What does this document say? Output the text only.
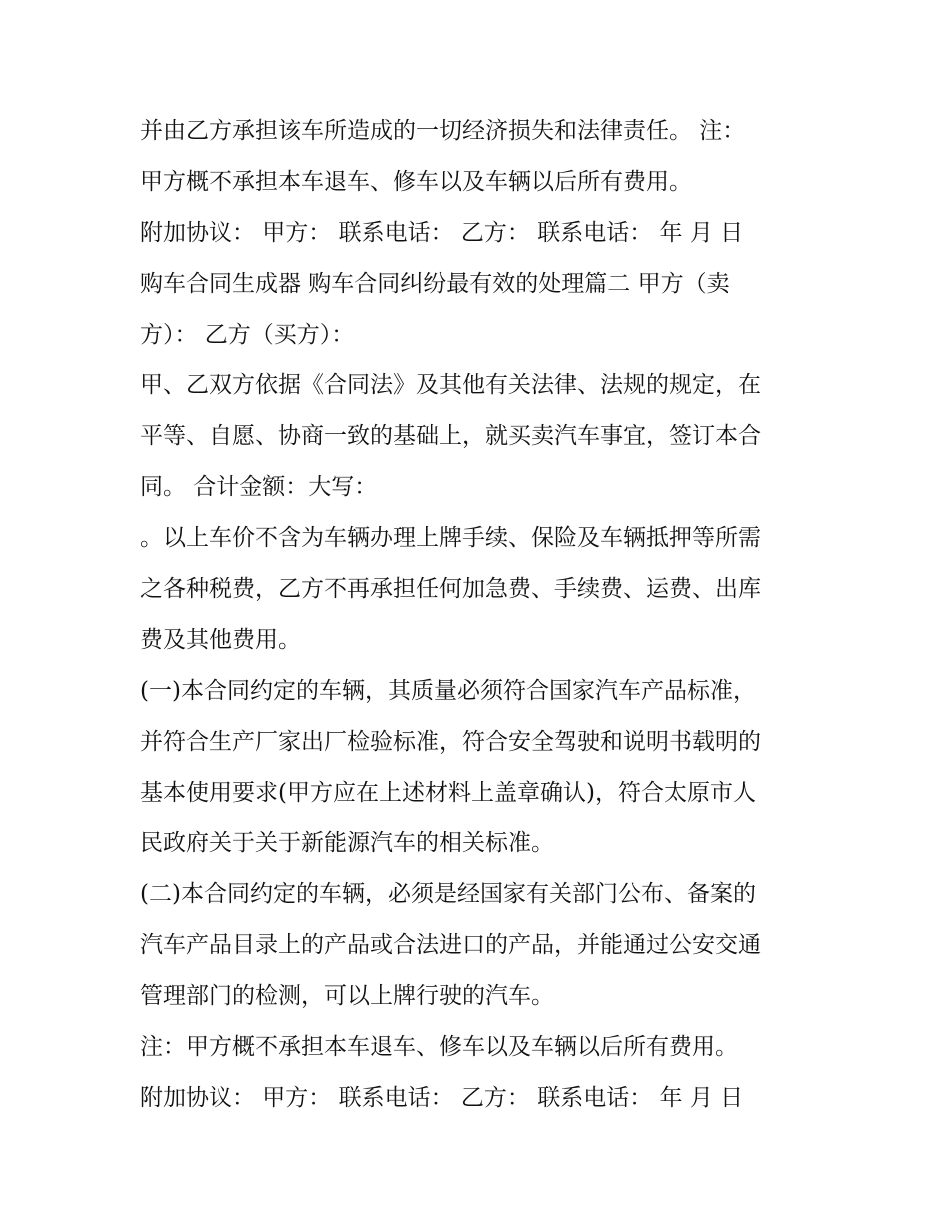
并由乙方承担该车所造成的一切经济损失和法律责任。 注：
甲方概不承担本车退车、修车以及车辆以后所有费用。
附加协议： 甲方： 联系电话： 乙方： 联系电话： 年 月 日
购车合同生成器 购车合同纠纷最有效的处理篇二 甲方（卖
方）： 乙方（买方）：
甲、乙双方依据《合同法》及其他有关法律、法规的规定，在
平等、自愿、协商一致的基础上，就买卖汽车事宜，签订本合
同。 合计金额：大写：
。以上车价不含为车辆办理上牌手续、保险及车辆抵押等所需
之各种税费，乙方不再承担任何加急费、手续费、运费、出库
费及其他费用。
(一)本合同约定的车辆，其质量必须符合国家汽车产品标准，
并符合生产厂家出厂检验标准，符合安全驾驶和说明书载明的
基本使用要求(甲方应在上述材料上盖章确认)，符合太原市人
民政府关于关于新能源汽车的相关标准。
(二)本合同约定的车辆，必须是经国家有关部门公布、备案的
汽车产品目录上的产品或合法进口的产品，并能通过公安交通
管理部门的检测，可以上牌行驶的汽车。
注：甲方概不承担本车退车、修车以及车辆以后所有费用。
附加协议： 甲方： 联系电话： 乙方： 联系电话： 年 月 日
